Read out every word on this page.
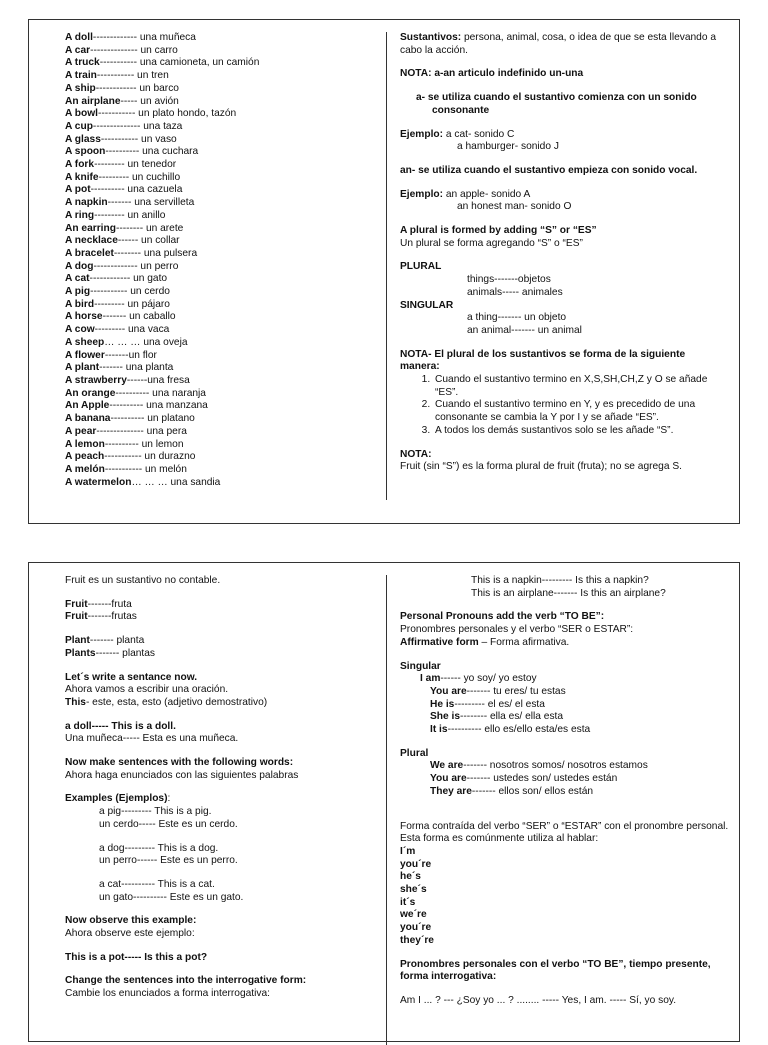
A doll------------- una muñeca
A car-------------- un carro
A truck----------- una camioneta, un camión
A train----------- un tren
A ship------------ un barco
An airplane----- un avión
A bowl----------- un plato hondo, tazón
A cup-------------- una taza
A glass----------- un vaso
A spoon---------- una cuchara
A fork--------- un tenedor
A knife--------- un cuchillo
A pot---------- una cazuela
A napkin------- una servilleta
A ring--------- un anillo
An earring-------- un arete
A necklace------ un collar
A bracelet-------- una pulsera
A dog------------- un perro
A cat------------ un gato
A pig----------- un cerdo
A bird--------- un pájaro
A horse------- un caballo
A cow--------- una vaca
A sheep… … … una oveja
A flower-------un flor
A plant------- una planta
A strawberry------una fresa
An orange---------- una naranja
An Apple---------- una manzana
A banana---------- un platano
A pear-------------- una pera
A lemon---------- un lemon
A peach----------- un durazno
A melón----------- un melón
A watermelon… … … una sandia
Sustantivos: persona, animal, cosa, o idea de que se esta llevando a cabo la acción.
NOTA: a-an articulo indefinido un-una
a- se utiliza cuando el sustantivo comienza con un sonido consonante
Ejemplo: a cat- sonido C
a hamburger- sonido J
an- se utiliza cuando el sustantivo empieza con sonido vocal.
Ejemplo: an apple- sonido A
an honest man- sonido O
A plural is formed by adding “S” or “ES”
Un plural se forma agregando “S” o “ES”
PLURAL
things-------objetos
animals----- animales
SINGULAR
a thing------- un objeto
an animal------- un animal
NOTA- El plural de los sustantivos se forma de la siguiente manera:
1. Cuando el sustantivo termino en X,S,SH,CH,Z y O se añade “ES”.
2. Cuando el sustantivo termino en Y, y es precedido de una consonante se cambia la Y por I y se añade “ES”.
3. A todos los demás sustantivos solo se les añade “S”.
NOTA:
Fruit (sin “S”) es la forma plural de fruit (fruta); no se agrega S.
Fruit es un sustantivo no contable.
Fruit-------fruta
Fruit-------frutas
Plant------- planta
Plants------- plantas
Let´s write a sentance now.
Ahora vamos a escribir una oración.
This- este, esta, esto (adjetivo demostrativo)
a doll----- This is a doll.
Una muñeca----- Esta es una muñeca.
Now make sentences with the following words:
Ahora haga enunciados con las siguientes palabras
Examples (Ejemplos):
a pig--------- This is a pig.
un cerdo----- Este es un cerdo.
a dog--------- This is a dog.
un perro------ Este es un perro.
a cat---------- This is a cat.
un gato---------- Este es un gato.
Now observe this example:
Ahora observe este ejemplo:
This is a pot----- Is this a pot?
Change the sentences into the interrogative form:
Cambie los enunciados a forma interrogativa:
This is a napkin--------- Is this a napkin?
This is an airplane------- Is this an airplane?
Personal Pronouns add the verb “TO BE”:
Pronombres personales y el verbo “SER o ESTAR”:
Affirmative form – Forma afirmativa.
Singular
I am------ yo soy/ yo estoy
You are------- tu eres/ tu estas
He is--------- el es/ el esta
She is-------- ella es/ ella esta
It is---------- ello es/ello esta/es esta
Plural
We are------- nosotros somos/ nosotros estamos
You are------- ustedes son/ ustedes están
They are------- ellos son/ ellos están
Forma contraída del verbo “SER” o “ESTAR” con el pronombre personal. Esta forma es comúnmente utiliza al hablar:
I´m
you´re
he´s
she´s
it´s
we´re
you´re
they´re
Pronombres personales con el verbo “TO BE”, tiempo presente, forma interrogativa:
Am I ... ? --- ¿Soy yo ... ? ........ ----- Yes, I am. ----- Sí, yo soy.
